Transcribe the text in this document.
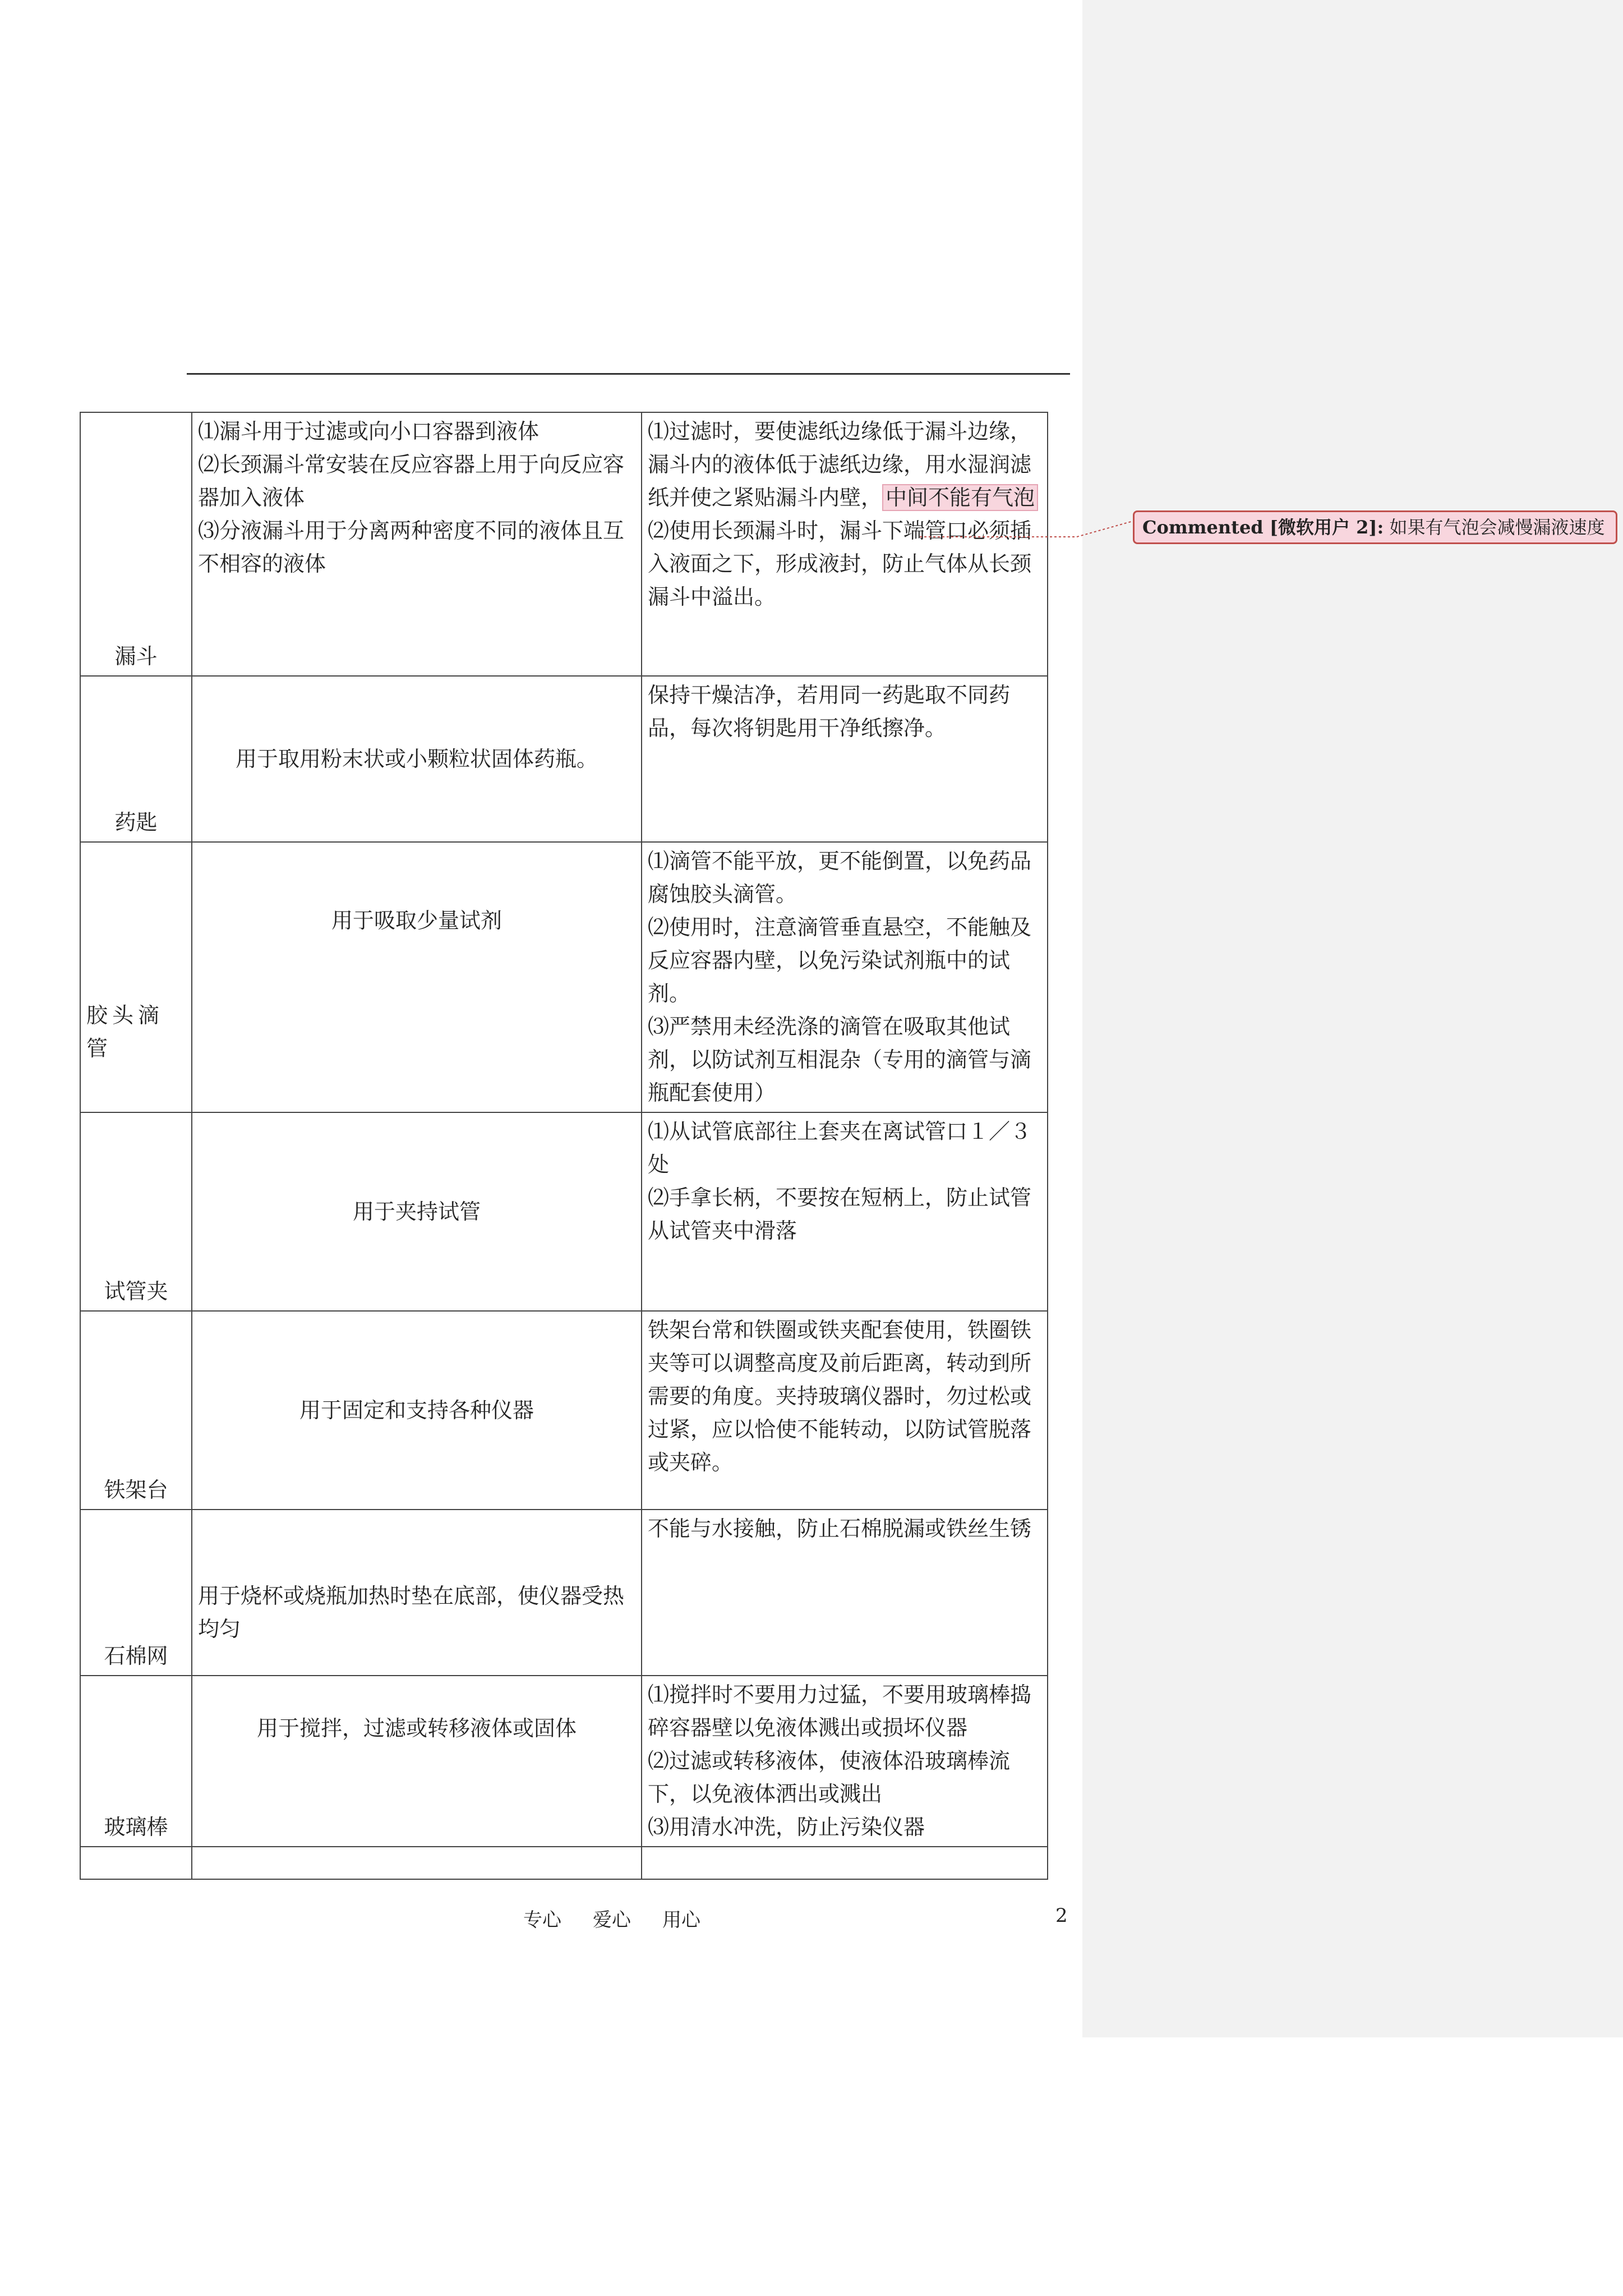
漏斗	⑴漏斗用于过滤或向小口容器到液体
⑵长颈漏斗常安装在反应容器上用于向反应容器加入液体
⑶分液漏斗用于分离两种密度不同的液体且互不相容的液体	⑴过滤时，要使滤纸边缘低于漏斗边缘，漏斗内的液体低于滤纸边缘，用水湿润滤纸并使之紧贴漏斗内壁， 中间不能有气泡
⑵使用长颈漏斗时，漏斗下端管口必须插入液面之下，形成液封，防止气体从长颈漏斗中溢出。

药匙	用于取用粉末状或小颗粒状固体药瓶。	保持干燥洁净，若用同一药匙取不同药品，每次将钥匙用干净纸擦净。

胶头滴管	用于吸取少量试剂	⑴滴管不能平放，更不能倒置，以免药品腐蚀胶头滴管。
⑵使用时，注意滴管垂直悬空，不能触及反应容器内壁，以免污染试剂瓶中的试剂。
⑶严禁用未经洗涤的滴管在吸取其他试剂，以防试剂互相混杂（专用的滴管与滴瓶配套使用）

试管夹	用于夹持试管	⑴从试管底部往上套夹在离试管口１／３处
⑵手拿长柄，不要按在短柄上，防止试管从试管夹中滑落

铁架台	用于固定和支持各种仪器	铁架台常和铁圈或铁夹配套使用，铁圈铁夹等可以调整高度及前后距离，转动到所需要的角度。夹持玻璃仪器时，勿过松或过紧，应以恰使不能转动，以防试管脱落或夹碎。

石棉网	用于烧杯或烧瓶加热时垫在底部，使仪器受热均匀	不能与水接触，防止石棉脱漏或铁丝生锈

玻璃棒	用于搅拌，过滤或转移液体或固体	⑴搅拌时不要用力过猛，不要用玻璃棒捣碎容器壁以免液体溅出或损坏仪器
⑵过滤或转移液体，使液体沿玻璃棒流下，以免液体洒出或溅出
⑶用清水冲洗，防止污染仪器

专心 爱心 用心	2
Commented [微软用户 2]: 如果有气泡会减慢漏液速度
